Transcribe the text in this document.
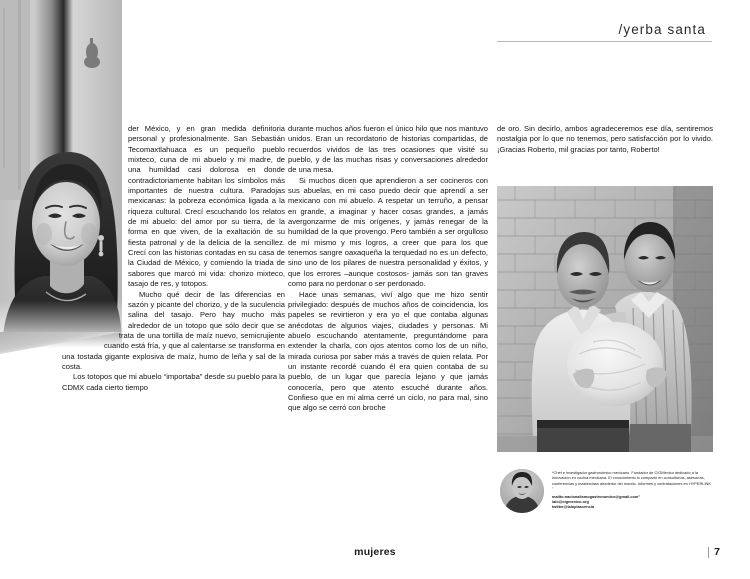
/yerba santa

der México, y en gran medida definitoria personal y profesionalmente. San Sebastián Tecomaxtlahuaca es un pequeño pueblo mixteco, cuna de mi abuelo y mi madre, de una humildad casi dolorosa en donde contradictoriamente habitan los símbolos más importantes de nuestra cultura. Paradojas mexicanas: la pobreza económica ligada a la riqueza cultural. Crecí escuchando los relatos de mi abuelo: del amor por su tierra, de la forma en que viven, de la exaltación de su fiesta patronal y de la delicia de la sencillez. Crecí con las historias contadas en su casa de la Ciudad de México, y comiendo la triada de sabores que marcó mi vida: chorizo mixteco, tasajo de res, y totopos.

Mucho qué decir de las diferencias en sazón y picante del chorizo, y de la suculencia salina del tasajo. Pero hay mucho más alrededor de un totopo que sólo decir que se trata de una tortilla de maíz nuevo, semicrujiente cuando está fría, y que al calentarse se transforma en una tostada gigante explosiva de maíz, humo de leña y sal de la costa.

Los totopos que mi abuelo “importaba” desde su pueblo para la CDMX cada cierto tiempo

durante muchos años fueron el único hilo que nos mantuvo unidos. Eran un recordatorio de historias compartidas, de recuerdos vividos de las tres ocasiones que visité su pueblo, y de las muchas risas y conversaciones alrededor de una mesa.

Si muchos dicen que aprendieron a ser cocineros con sus abuelas, en mi caso puedo decir que aprendí a ser mexicano con mi abuelo. A respetar un terruño, a pensar en grande, a imaginar y hacer cosas grandes, a jamás avergonzarme de mis orígenes, y jamás renegar de la humildad de la que provengo. Pero también a ser orgulloso de mí mismo y mis logros, a creer que para los que tenemos sangre oaxaqueña la terquedad no es un defecto, sino uno de los pilares de nuestra personalidad y éxitos, y que los errores –aunque costosos- jamás son tan graves como para no perdonar o ser perdonado.

Hace unas semanas, viví algo que me hizo sentir privilegiado: después de muchos años de coincidencia, los papeles se revirtieron y era yo el que contaba algunas anécdotas de algunos viajes, ciudades y personas. Mi abuelo escuchando atentamente, preguntándome para extender la charla, con ojos atentos como los de un niño, mirada curiosa por saber más a través de quien relata. Por un instante recordé cuando él era quien contaba de su pueblo, de un lugar que parecía lejano y que jamás conocería, pero que atento escuché durante años. Confieso que en mi alma cerré un ciclo, no para mal, sino que algo se cerró con broche

de oro. Sin decirlo, ambos agradeceremos ese día, sentiremos nostalgia por lo que no tenemos, pero satisfacción por lo vivido. ¡Gracias Roberto, mil gracias por tanto, Roberto!

*Chef e investigador gastronómico mexicano. Fundador de CIGMexico dedicado a la innovación en cocina mexicana. El conocimiento lo comparto en consultorías, asesorías, conferencias y masterclass alrededor del mundo. Informes y contrataciones en HYPERLINK "

mailto:nacionalismogastronomico@gmail.com"
lalo@cigmexico.org
twitter@laloplascencia

mujeres	7
